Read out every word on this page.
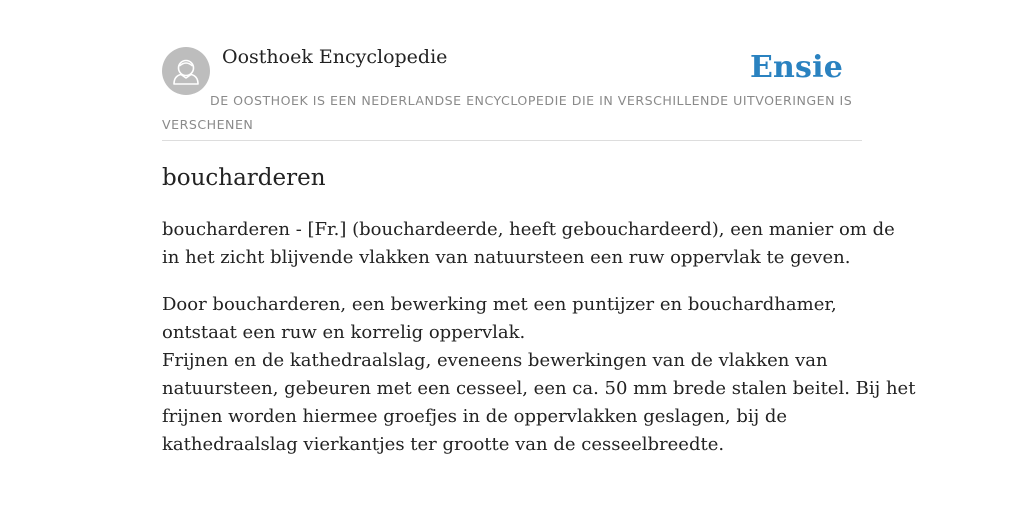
Oosthoek Encyclopedie	Ensie
DE OOSTHOEK IS EEN NEDERLANDSE ENCYCLOPEDIE DIE IN VERSCHILLENDE UITVOERINGEN IS VERSCHENEN
boucharderen

boucharderen - [Fr.] (bouchardeerde, heeft gebouchardeerd), een manier om de
in het zicht blijvende vlakken van natuursteen een ruw oppervlak te geven.

Door boucharderen, een bewerking met een puntijzer en bouchardhamer,
ontstaat een ruw en korrelig oppervlak.
Frijnen en de kathedraalslag, eveneens bewerkingen van de vlakken van
natuursteen, gebeuren met een cesseel, een ca. 50 mm brede stalen beitel. Bij het
frijnen worden hiermee groefjes in de oppervlakken geslagen, bij de
kathedraalslag vierkantjes ter grootte van de cesseelbreedte.
